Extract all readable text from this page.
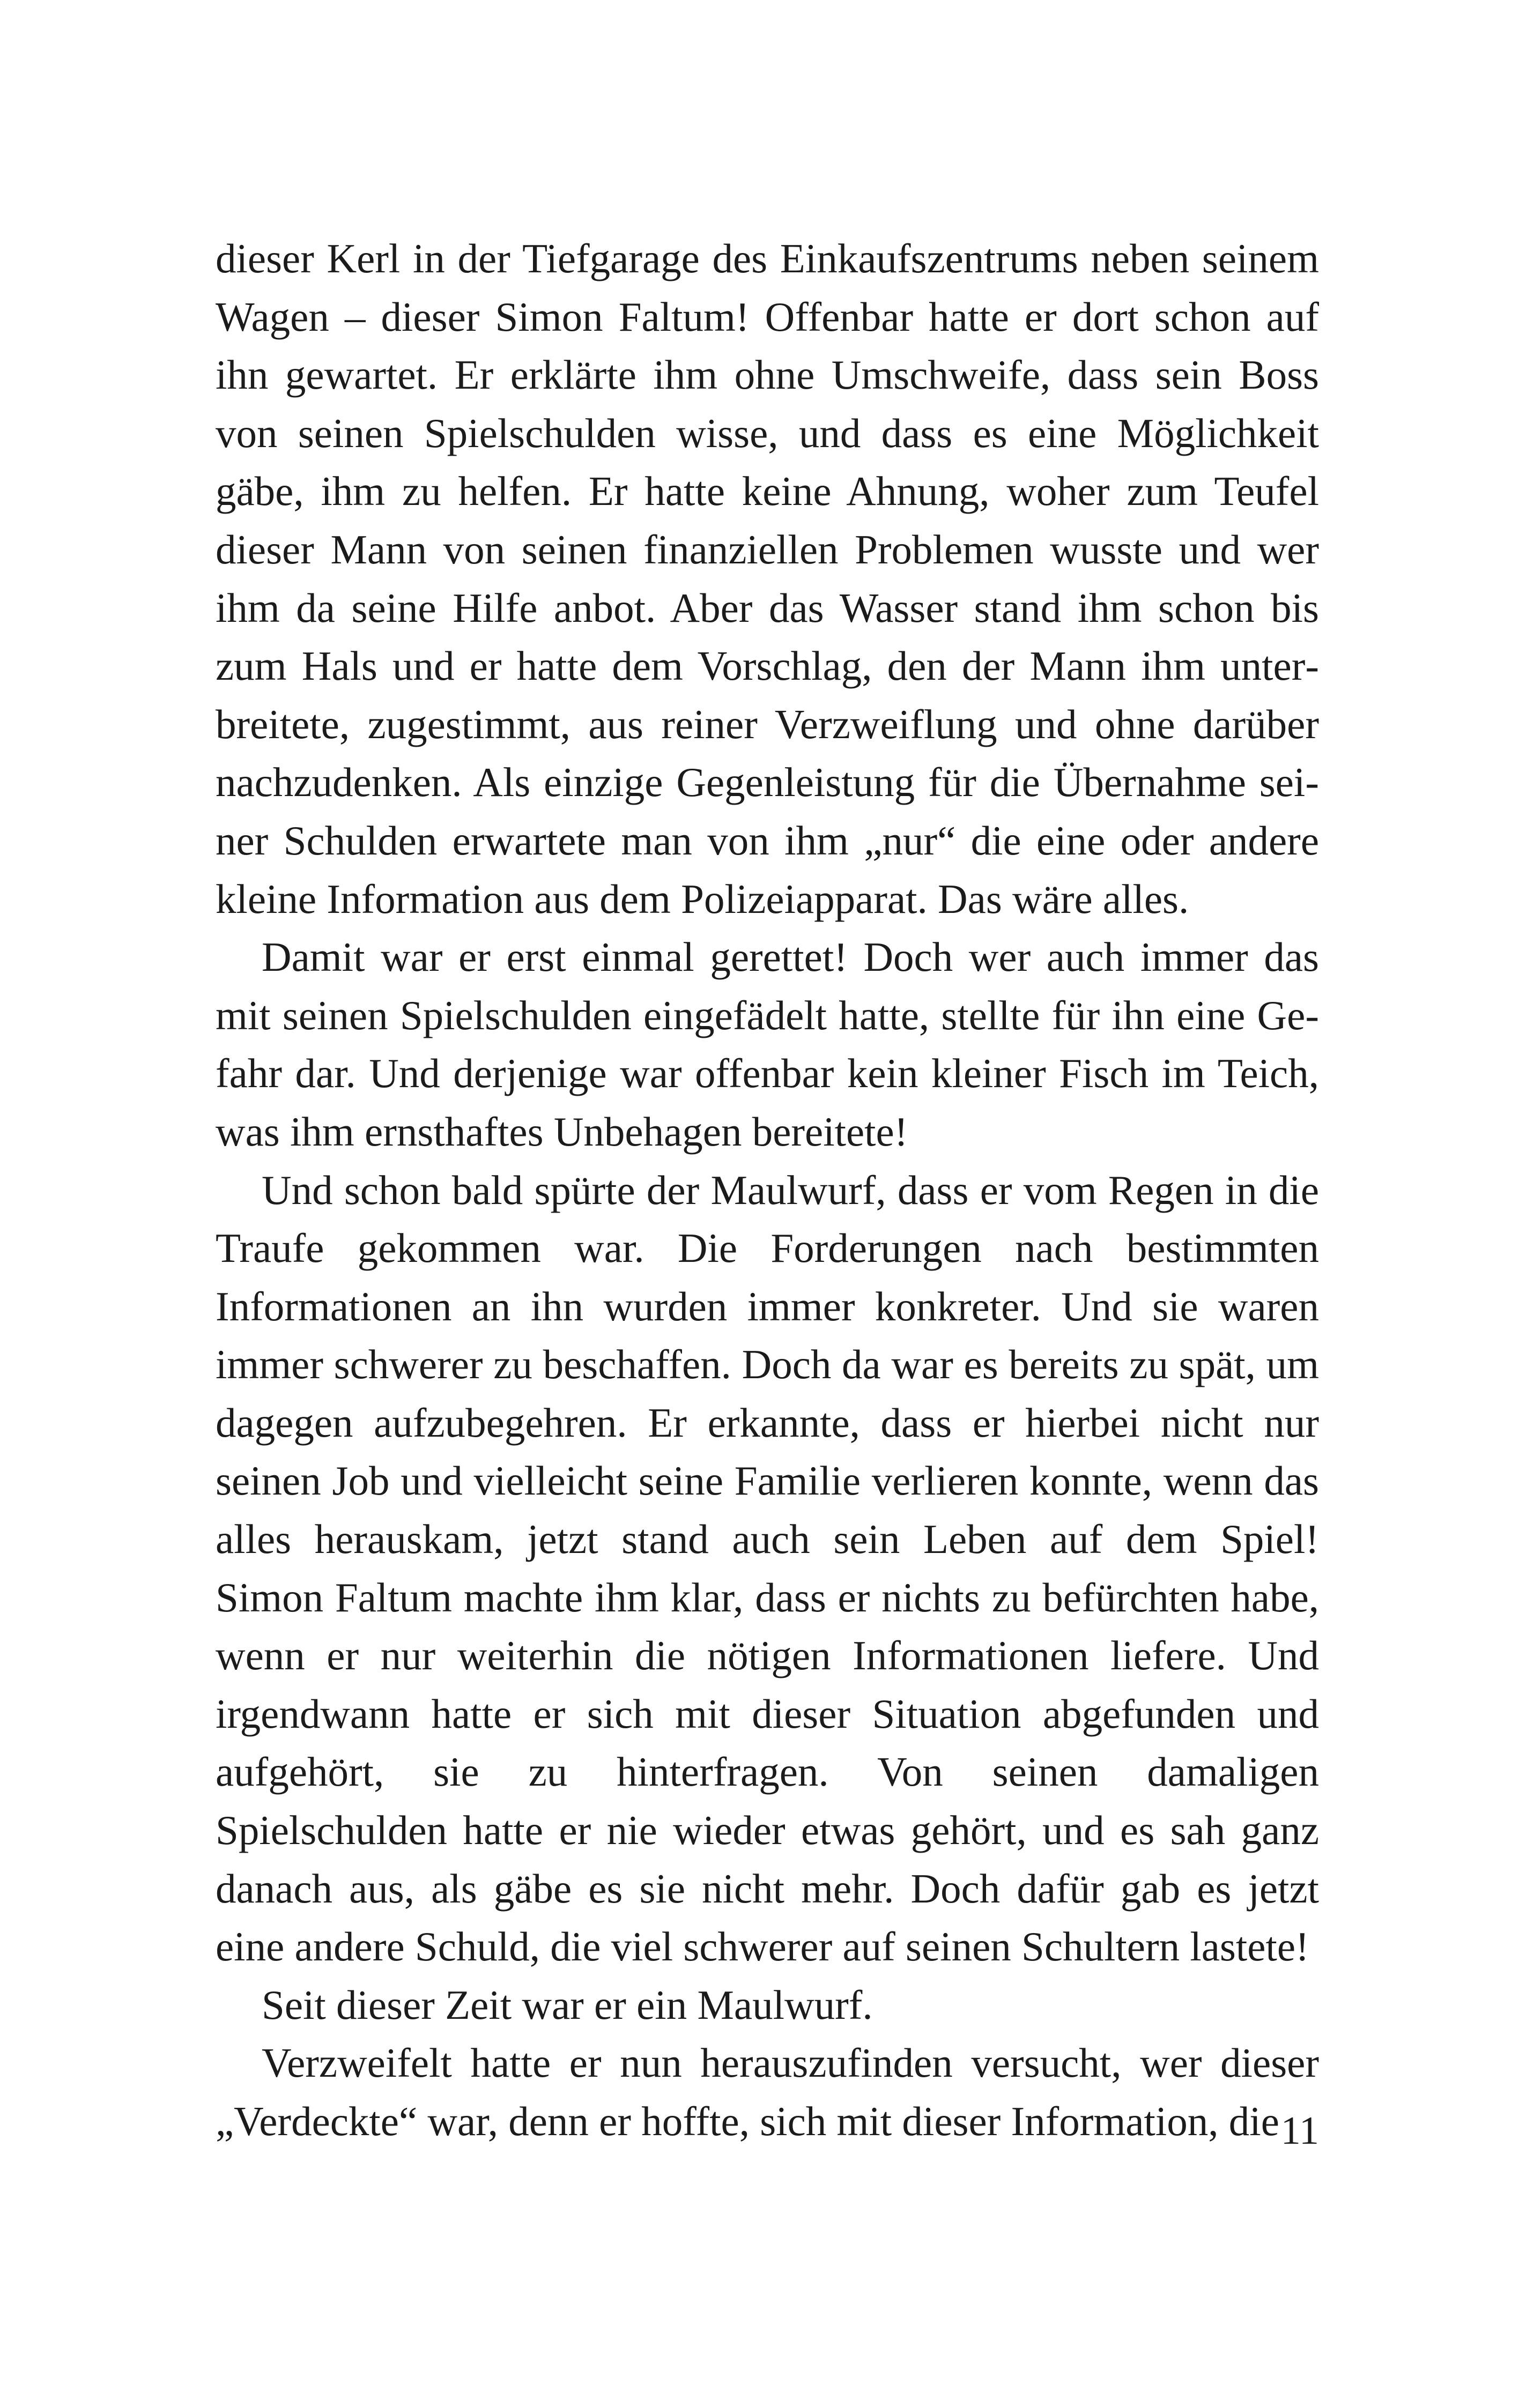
dieser Kerl in der Tiefgarage des Einkaufszentrums neben seinem Wagen – dieser Simon Faltum! Offenbar hatte er dort schon auf ihn gewartet. Er erklärte ihm ohne Umschweife, dass sein Boss von seinen Spielschulden wisse, und dass es eine Möglichkeit gäbe, ihm zu helfen. Er hatte keine Ahnung, woher zum Teufel dieser Mann von seinen finanziellen Problemen wusste und wer ihm da seine Hilfe anbot. Aber das Wasser stand ihm schon bis zum Hals und er hatte dem Vorschlag, den der Mann ihm unterbreitete, zugestimmt, aus reiner Verzweiflung und ohne darüber nachzudenken. Als einzige Gegenleistung für die Übernahme seiner Schulden erwartete man von ihm „nur“ die eine oder andere kleine Information aus dem Polizeiapparat. Das wäre alles.

Damit war er erst einmal gerettet! Doch wer auch immer das mit seinen Spielschulden eingefädelt hatte, stellte für ihn eine Gefahr dar. Und derjenige war offenbar kein kleiner Fisch im Teich, was ihm ernsthaftes Unbehagen bereitete!

Und schon bald spürte der Maulwurf, dass er vom Regen in die Traufe gekommen war. Die Forderungen nach bestimmten Informationen an ihn wurden immer konkreter. Und sie waren immer schwerer zu beschaffen. Doch da war es bereits zu spät, um dagegen aufzubegehren. Er erkannte, dass er hierbei nicht nur seinen Job und vielleicht seine Familie verlieren konnte, wenn das alles herauskam, jetzt stand auch sein Leben auf dem Spiel! Simon Faltum machte ihm klar, dass er nichts zu befürchten habe, wenn er nur weiterhin die nötigen Informationen liefere. Und irgendwann hatte er sich mit dieser Situation abgefunden und aufgehört, sie zu hinterfragen. Von seinen damaligen Spielschulden hatte er nie wieder etwas gehört, und es sah ganz danach aus, als gäbe es sie nicht mehr. Doch dafür gab es jetzt eine andere Schuld, die viel schwerer auf seinen Schultern lastete!

Seit dieser Zeit war er ein Maulwurf.

Verzweifelt hatte er nun herauszufinden versucht, wer dieser „Verdeckte“ war, denn er hoffte, sich mit dieser Information, die 11
